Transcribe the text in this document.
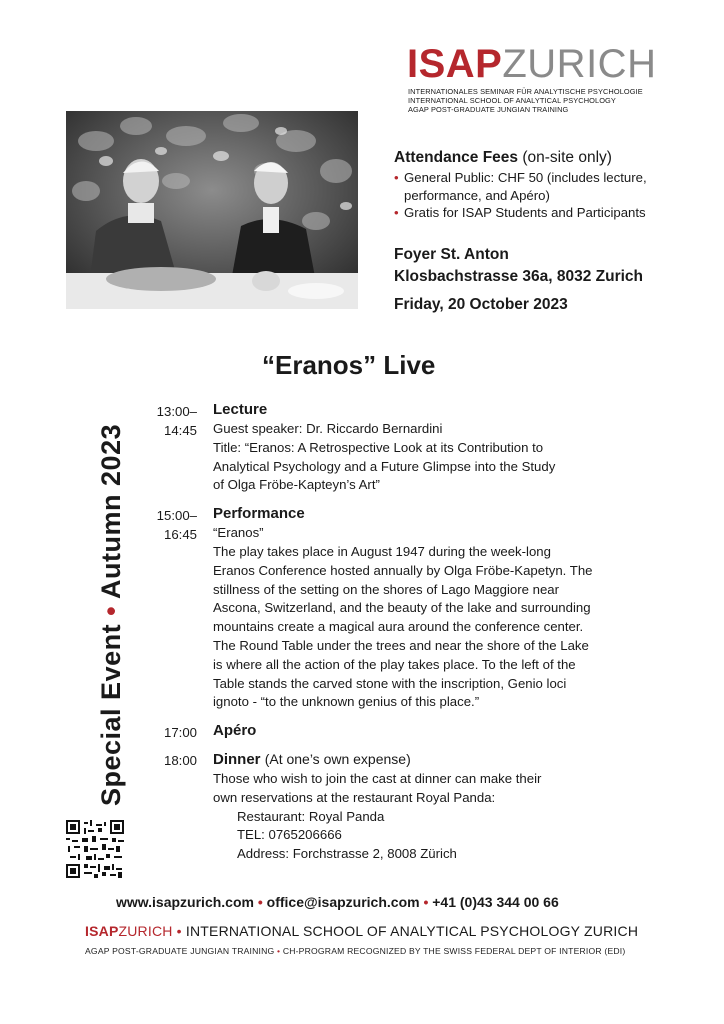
ISAPZURICH
INTERNATIONALES SEMINAR FÜR ANALYTISCHE PSYCHOLOGIE
INTERNATIONAL SCHOOL OF ANALYTICAL PSYCHOLOGY
AGAP POST-GRADUATE JUNGIAN TRAINING
Attendance Fees (on-site only)
• General Public: CHF 50 (includes lecture, performance, and Apéro)
• Gratis for ISAP Students and Participants
Foyer St. Anton
Klosbachstrasse 36a, 8032 Zurich
Friday, 20 October 2023
“Eranos” Live
Special Event • Autumn 2023
13:00–14:45
Lecture
Guest speaker: Dr. Riccardo Bernardini
Title: “Eranos: A Retrospective Look at its Contribution to
Analytical Psychology and a Future Glimpse into the Study
of Olga Fröbe-Kapteyn’s Art”
15:00–16:45
Performance
“Eranos”
The play takes place in August 1947 during the week-long
Eranos Conference hosted annually by Olga Fröbe-Kapetyn. The
stillness of the setting on the shores of Lago Maggiore near
Ascona, Switzerland, and the beauty of the lake and surrounding
mountains create a magical aura around the conference center.
The Round Table under the trees and near the shore of the Lake
is where all the action of the play takes place. To the left of the
Table stands the carved stone with the inscription, Genio loci
ignoto - “to the unknown genius of this place.”
17:00	Apéro
18:00	Dinner (At one’s own expense)
Those who wish to join the cast at dinner can make their
own reservations at the restaurant Royal Panda:
Restaurant: Royal Panda
TEL: 0765206666
Address: Forchstrasse 2, 8008 Zürich
www.isapzurich.com • office@isapzurich.com • +41 (0)43 344 00 66
ISAPZURICH • INTERNATIONAL SCHOOL OF ANALYTICAL PSYCHOLOGY ZURICH
AGAP POST-GRADUATE JUNGIAN TRAINING • CH-PROGRAM RECOGNIZED BY THE SWISS FEDERAL DEPT OF INTERIOR (EDI)
